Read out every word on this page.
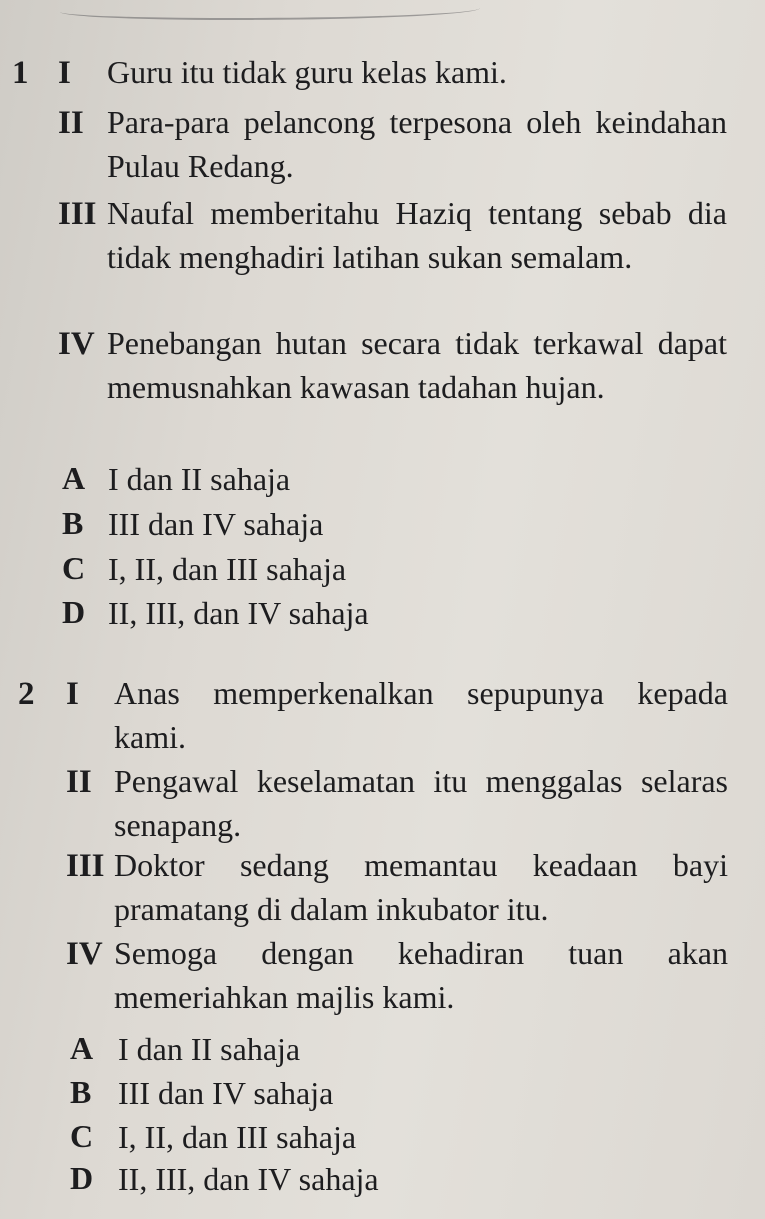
1 I Guru itu tidak guru kelas kami.
II Para-para pelancong terpesona oleh keindahan Pulau Redang.
III Naufal memberitahu Haziq tentang sebab dia tidak menghadiri latihan sukan semalam.
IV Penebangan hutan secara tidak terkawal dapat memusnahkan kawasan tadahan hujan.
A I dan II sahaja
B III dan IV sahaja
C I, II, dan III sahaja
D II, III, dan IV sahaja
2 I Anas memperkenalkan sepupunya kepada kami.
II Pengawal keselamatan itu menggalas selaras senapang.
III Doktor sedang memantau keadaan bayi pramatang di dalam inkubator itu.
IV Semoga dengan kehadiran tuan akan memeriahkan majlis kami.
A I dan II sahaja
B III dan IV sahaja
C I, II, dan III sahaja
D II, III, dan IV sahaja
